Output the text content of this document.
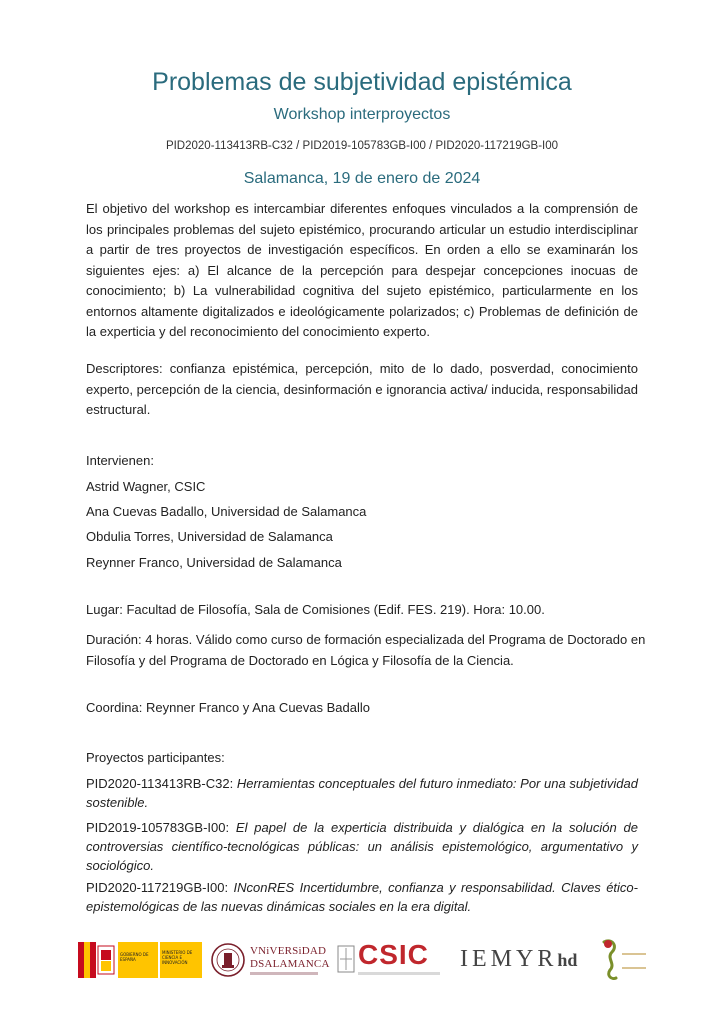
Problemas de subjetividad epistémica
Workshop interproyectos
PID2020-113413RB-C32 / PID2019-105783GB-I00 / PID2020-117219GB-I00
Salamanca, 19 de enero de 2024
El objetivo del workshop es intercambiar diferentes enfoques vinculados a la comprensión de los principales problemas del sujeto epistémico, procurando articular un estudio interdisciplinar a partir de tres proyectos de investigación específicos. En orden a ello se examinarán los siguientes ejes: a) El alcance de la percepción para despejar concepciones inocuas de conocimiento; b) La vulnerabilidad cognitiva del sujeto epistémico, particularmente en los entornos altamente digitalizados e ideológicamente polarizados; c) Problemas de definición de la experticia y del reconocimiento del conocimiento experto.
Descriptores: confianza epistémica, percepción, mito de lo dado, posverdad, conocimiento experto, percepción de la ciencia, desinformación e ignorancia activa/ inducida, responsabilidad estructural.
Intervienen:
Astrid Wagner, CSIC
Ana Cuevas Badallo, Universidad de Salamanca
Obdulia Torres, Universidad de Salamanca
Reynner Franco, Universidad de Salamanca
Lugar: Facultad de Filosofía, Sala de Comisiones (Edif. FES. 219). Hora: 10.00.
Duración: 4 horas. Válido como curso de formación especializada del Programa de Doctorado en Filosofía y del Programa de Doctorado en Lógica y Filosofía de la Ciencia.
Coordina: Reynner Franco y Ana Cuevas Badallo
Proyectos participantes:
PID2020-113413RB-C32: Herramientas conceptuales del futuro inmediato: Por una subjetividad sostenible.
PID2019-105783GB-I00: El papel de la experticia distribuida y dialógica en la solución de controversias científico-tecnológicas públicas: un análisis epistemológico, argumentativo y sociológico.
PID2020-117219GB-I00: INconRES Incertidumbre, confianza y responsabilidad. Claves ético-epistemológicas de las nuevas dinámicas sociales en la era digital.
GOBIERNO DE ESPAÑA
MINISTERIO DE CIENCIA E INNOVACIÓN
VNiVERSiDAD
DSALAMANCA CSIC IEMYRhd
